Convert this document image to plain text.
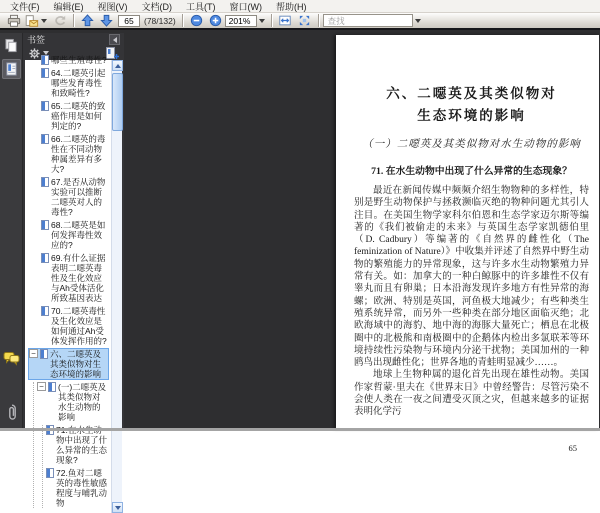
文件(F)	编辑(E)	视图(V)	文档(D)	工具(T)	窗口(W)	帮助(H)
65
(78/132)
201%
查找
书签
哪些生殖毒性?
64.二噁英引起哪些发育毒性和致畸性?
65.二噁英的致癌作用是如何判定的?
66.二噁英的毒性在不同动物种属差异有多大?
67.是否从动物实验可以推断二噁英对人的毒性?
68.二噁英是如何发挥毒性效应的?
69.有什么证据表明二噁英毒性及生化效应与Ah受体活化所致基因表达
70.二噁英毒性及生化效应是如何通过Ah受体发挥作用的?
−
六、二噁英及其类似物对生态环境的影响
−
(一)二噁英及其类似物对水生动物的影响
物中出现了什么异常的生态现象?
72.鱼对二噁英的毒性敏感程度与哺乳动物
六、二噁英及其类似物对
生态环境的影响
（一）二噁英及其类似物对水生动物的影响
71. 在水生动物中出现了什么异常的生态现象？

最近在新闻传媒中频频介绍生物物种的多样性，特别是野生动物保护与拯救濒临灭绝的物种问题尤其引人注目。在美国生物学家科尔伯恩和生态学家迈尔斯等编著的《我们被偷走的未来》与英国生态学家凯德伯里（D. Cadbury）等编著的《自然界的雌性化（The feminization of Nature）》中收集并评述了自然界中野生动物的繁殖能力的异常现象，这与许多水生动物繁殖力异常有关。如：加拿大的一种白鲸豚中的许多雄性不仅有睾丸而且有卵巢；日本沿海发现许多地方有性异常的海螺；欧洲、特别是英国，河鱼极大地减少；有些种类生殖系统异常，而另外一些种类在部分地区面临灭绝；北欧海域中的海豹、地中海的海豚大量死亡；栖息在北极圈中的北极熊和南极圈中的企鹅体内检出多氯联苯等环境持续性污染物与环境内分泌干扰物；美国加州的一种鸥鸟出现雌性化；世界各地的青蛙明显减少……。

地球上生物种属的退化首先出现在雄性动物。美国作家哲蒙·里夫在《世界末日》中曾经警告：尽管污染不会使人类在一夜之间遭受灭顶之灾，但越来越多的证据表明化学污

65
